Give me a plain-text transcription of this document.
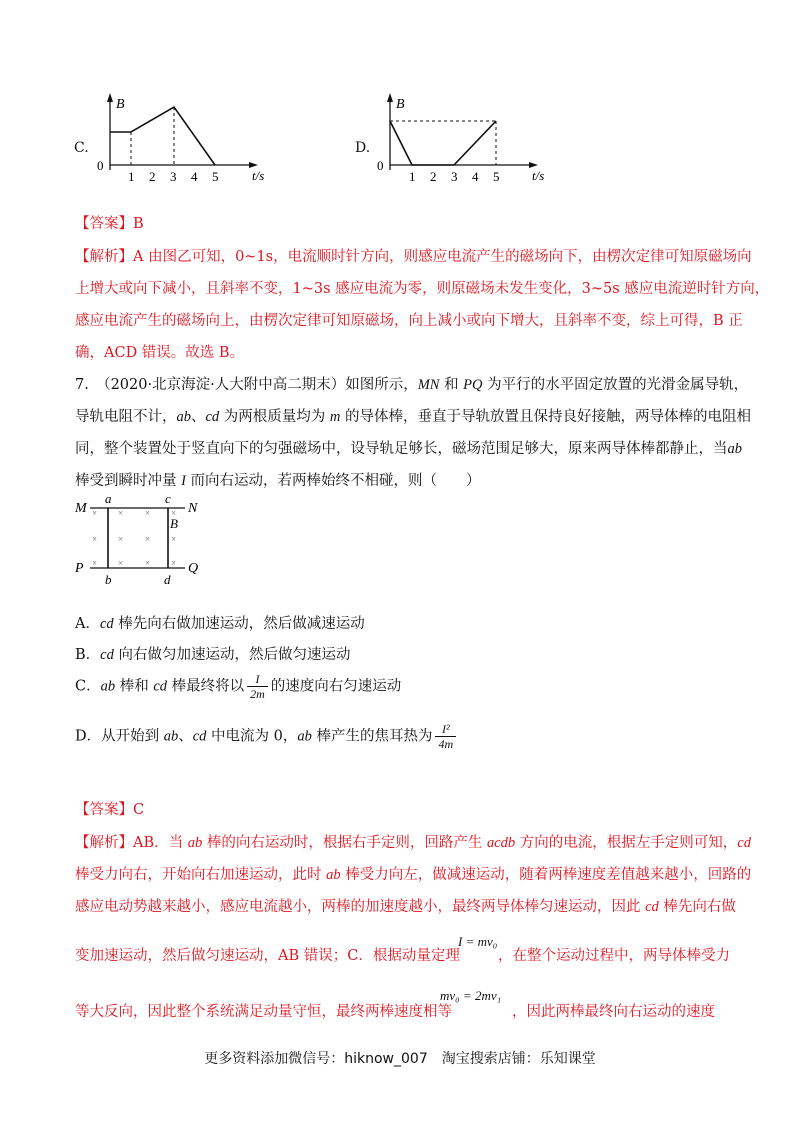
C.
B
0
1 2 3 4 5	t/s
D.
B
0
1 2 3 4 5	t/s
【答案】B
【解析】A 由图乙可知，0~1s，电流顺时针方向，则感应电流产生的磁场向下，由楞次定律可知原磁场向
上增大或向下减小，且斜率不变，1~3s 感应电流为零，则原磁场未发生变化，3~5s 感应电流逆时针方向，
感应电流产生的磁场向上，由楞次定律可知原磁场，向上减小或向下增大，且斜率不变，综上可得，B 正
确，ACD 错误。故选 B。
7.　（2020·北京海淀·人大附中高二期末）如图所示，MN 和 PQ 为平行的水平固定放置的光滑金属导轨，
导轨电阻不计，ab、cd 为两根质量均为 m 的导体棒，垂直于导轨放置且保持良好接触，两导体棒的电阻相
同，整个装置处于竖直向下的匀强磁场中，设导轨足够长，磁场范围足够大，原来两导体棒都静止，当ab
棒受到瞬时冲量 I 而向右运动，若两棒始终不相碰，则（　　）
M	N
P	Q
a	c
b	d
B
× × × ×
× × × ×
× × × ×
A．cd 棒先向右做加速运动，然后做减速运动
B．cd 向右做匀加速运动，然后做匀速运动
C．ab 棒和 cd 棒最终将以 $\frac{I}{2m}$ 的速度向右匀速运动
D．从开始到 ab、cd 中电流为 0，ab 棒产生的焦耳热为 $\frac{\text{I²}}{4m}$
【答案】C
【解析】AB．当 ab 棒的向右运动时，根据右手定则，回路产生 acdb 方向的电流，根据左手定则可知，cd
棒受力向右，开始向右加速运动，此时 ab 棒受力向左，做减速运动，随着两棒速度差值越来越小，回路的
感应电动势越来越小，感应电流越小，两棒的加速度越小，最终两导体棒匀速运动，因此 cd 棒先向右做
变加速运动，然后做匀速运动，AB 错误；C．根据动量定理
I = mv₀
，在整个运动过程中，两导体棒受力
等大反向，因此整个系统满足动量守恒，最终两棒速度相等
mv₀ = 2mv₁
，因此两棒最终向右运动的速度
更多资料添加微信号：hiknow_007　淘宝搜索店铺：乐知课堂
